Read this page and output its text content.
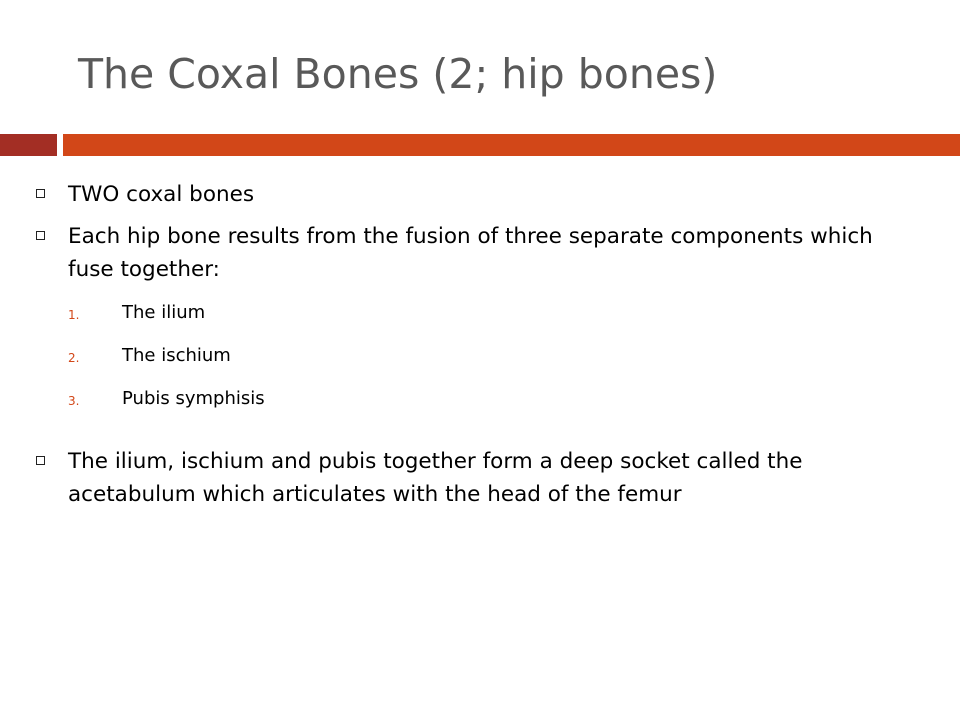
The Coxal Bones (2; hip bones)

TWO coxal bones

Each hip bone results from the fusion of three separate components which fuse together:

1. The ilium
2. The ischium
3. Pubis symphisis

The ilium, ischium and pubis together form a deep socket called the acetabulum which articulates with the head of the femur
